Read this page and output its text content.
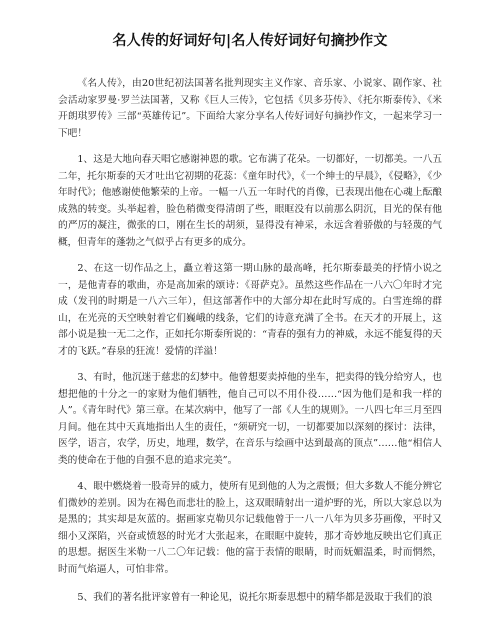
名人传的好词好句|名人传好词好句摘抄作文

《名人传》，由20世纪初法国著名批判现实主义作家、音乐家、小说家、剧作家、社会活动家罗曼·罗兰法国著，又称《巨人三传》，它包括《贝多芬传》、《托尔斯泰传》、《米开朗琪罗传》三部“英雄传记”。下面给大家分享名人传好词好句摘抄作文，一起来学习一下吧！

1、这是大地向春天唱它感谢神恩的歌。它布满了花朵。一切都好，一切都美。一八五二年，托尔斯泰的天才吐出它初期的花蕊：《童年时代》，《一个绅士的早晨》，《侵略》，《少年时代》；他感谢使他繁荣的上帝。一幅一八五一年时代的肖像，已表现出他在心魂上酝酿成熟的转变。头举起着，脸色稍微变得清朗了些，眼眶没有以前那么阴沉，目光的保有他的严厉的凝注，微张的口，刚在生长的胡须，显得没有神采，永远含着骄傲的与轻蔑的气概，但青年的蓬勃之气似乎占有更多的成分。

2、在这一切作品之上，矗立着这第一期山脉的最高峰，托尔斯泰最美的抒情小说之一，是他青春的歌曲，亦是高加索的颂诗：《哥萨克》。虽然这些作品在一八六〇年时才完成（发刊的时期是一八六三年），但这部著作中的大部分却在此时写成的。白雪连绵的群山，在光亮的天空映射着它们巍峨的线条，它们的诗意充满了全书。在天才的开展上，这部小说是独一无二之作，正如托尔斯泰所说的：“青春的强有力的神威，永远不能复得的天才的飞跃。”春泉的狂流！爱情的洋溢！

3、有时，他沉迷于慈悲的幻梦中。他曾想要卖掉他的坐车，把卖得的钱分给穷人，也想把他的十分之一的家财为他们牺牲，他自己可以不用仆役……“因为他们是和我一样的人”。《青年时代》第三章。在某次病中，他写了一部《人生的规则》。一八四七年三月至四月间。他在其中天真地指出人生的责任，“须研究一切，一切都要加以深刻的探讨：法律，医学，语言，农学，历史，地理，数学，在音乐与绘画中达到最高的顶点”……他“相信人类的使命在于他的自强不息的追求完美”。

4、眼中燃烧着一股奇异的威力，使所有见到他的人为之震慑；但大多数人不能分辨它们微妙的差别。因为在褐色而悲壮的脸上，这双眼睛射出一道炉野的光，所以大家总以为是黑的；其实却是灰蓝的。据画家克勒贝尔记载他曾于一八一八年为贝多芬画像，平时又细小又深陷，兴奋或愤怒的时光才大张起来，在眼眶中旋转，那才奇妙地反映出它们真正的思想。据医生米勒一八二〇年记载：他的富于表情的眼睛，时而妩媚温柔，时而惘然，时而气焰逼人，可怕非常。

5、我们的著名批评家曾有一种论见，说托尔斯泰思想中的精华都是汲取于我们的浪
